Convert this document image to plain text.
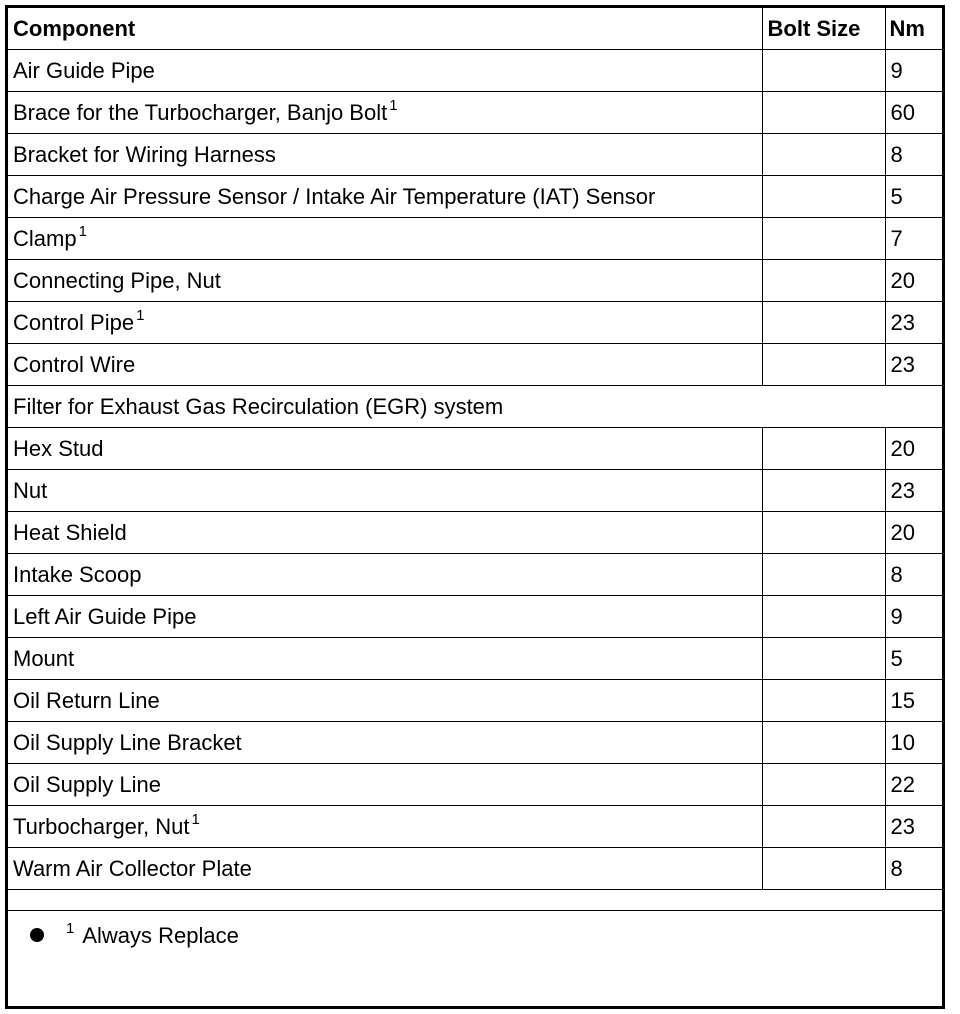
Component	Bolt Size	Nm
Air Guide Pipe		9
Brace for the Turbocharger, Banjo Bolt $^1$		60
Bracket for Wiring Harness		8
Charge Air Pressure Sensor / Intake Air Temperature (IAT) Sensor		5
Clamp $^1$		7
Connecting Pipe, Nut		20
Control Pipe $^1$		23
Control Wire		23
Filter for Exhaust Gas Recirculation (EGR) system		
Hex Stud		20
Nut		23
Heat Shield		20
Intake Scoop		8
Left Air Guide Pipe		9
Mount		5
Oil Return Line		15
Oil Supply Line Bracket		10
Oil Supply Line		22
Turbocharger, Nut $^1$		23
Warm Air Collector Plate		8
$^1$ Always Replace
